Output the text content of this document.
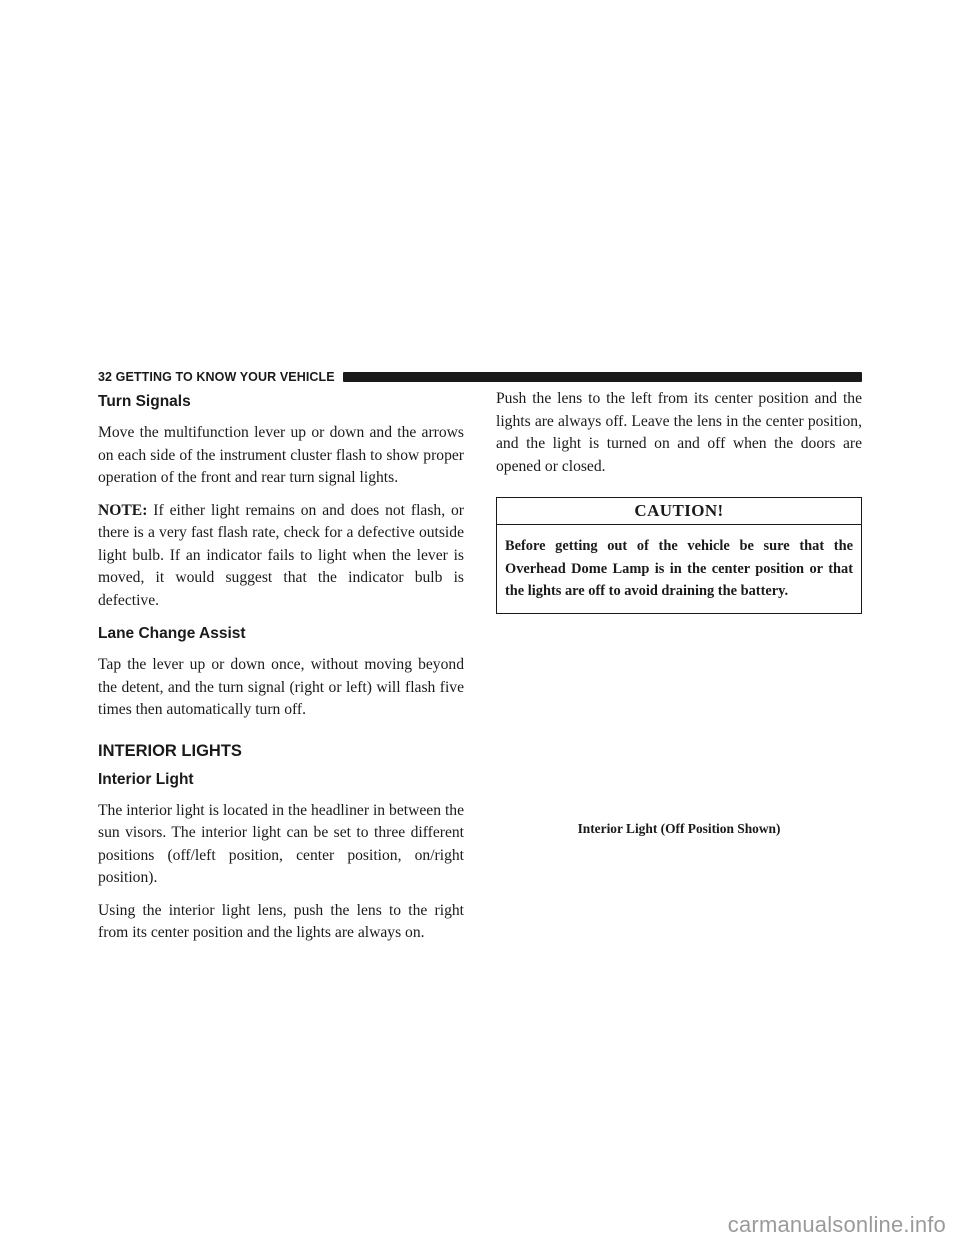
32 GETTING TO KNOW YOUR VEHICLE
Turn Signals

Move the multifunction lever up or down and the arrows on each side of the instrument cluster flash to show proper operation of the front and rear turn signal lights.

NOTE: If either light remains on and does not flash, or there is a very fast flash rate, check for a defective outside light bulb. If an indicator fails to light when the lever is moved, it would suggest that the indicator bulb is defective.

Lane Change Assist

Tap the lever up or down once, without moving beyond the detent, and the turn signal (right or left) will flash five times then automatically turn off.

INTERIOR LIGHTS
Interior Light

The interior light is located in the headliner in between the sun visors. The interior light can be set to three different positions (off/left position, center position, on/right position).

Using the interior light lens, push the lens to the right from its center position and the lights are always on.

Push the lens to the left from its center position and the lights are always off. Leave the lens in the center position, and the light is turned on and off when the doors are opened or closed.

CAUTION!
Before getting out of the vehicle be sure that the Overhead Dome Lamp is in the center position or that the lights are off to avoid draining the battery.
Interior Light (Off Position Shown)
carmanualsonline.info
